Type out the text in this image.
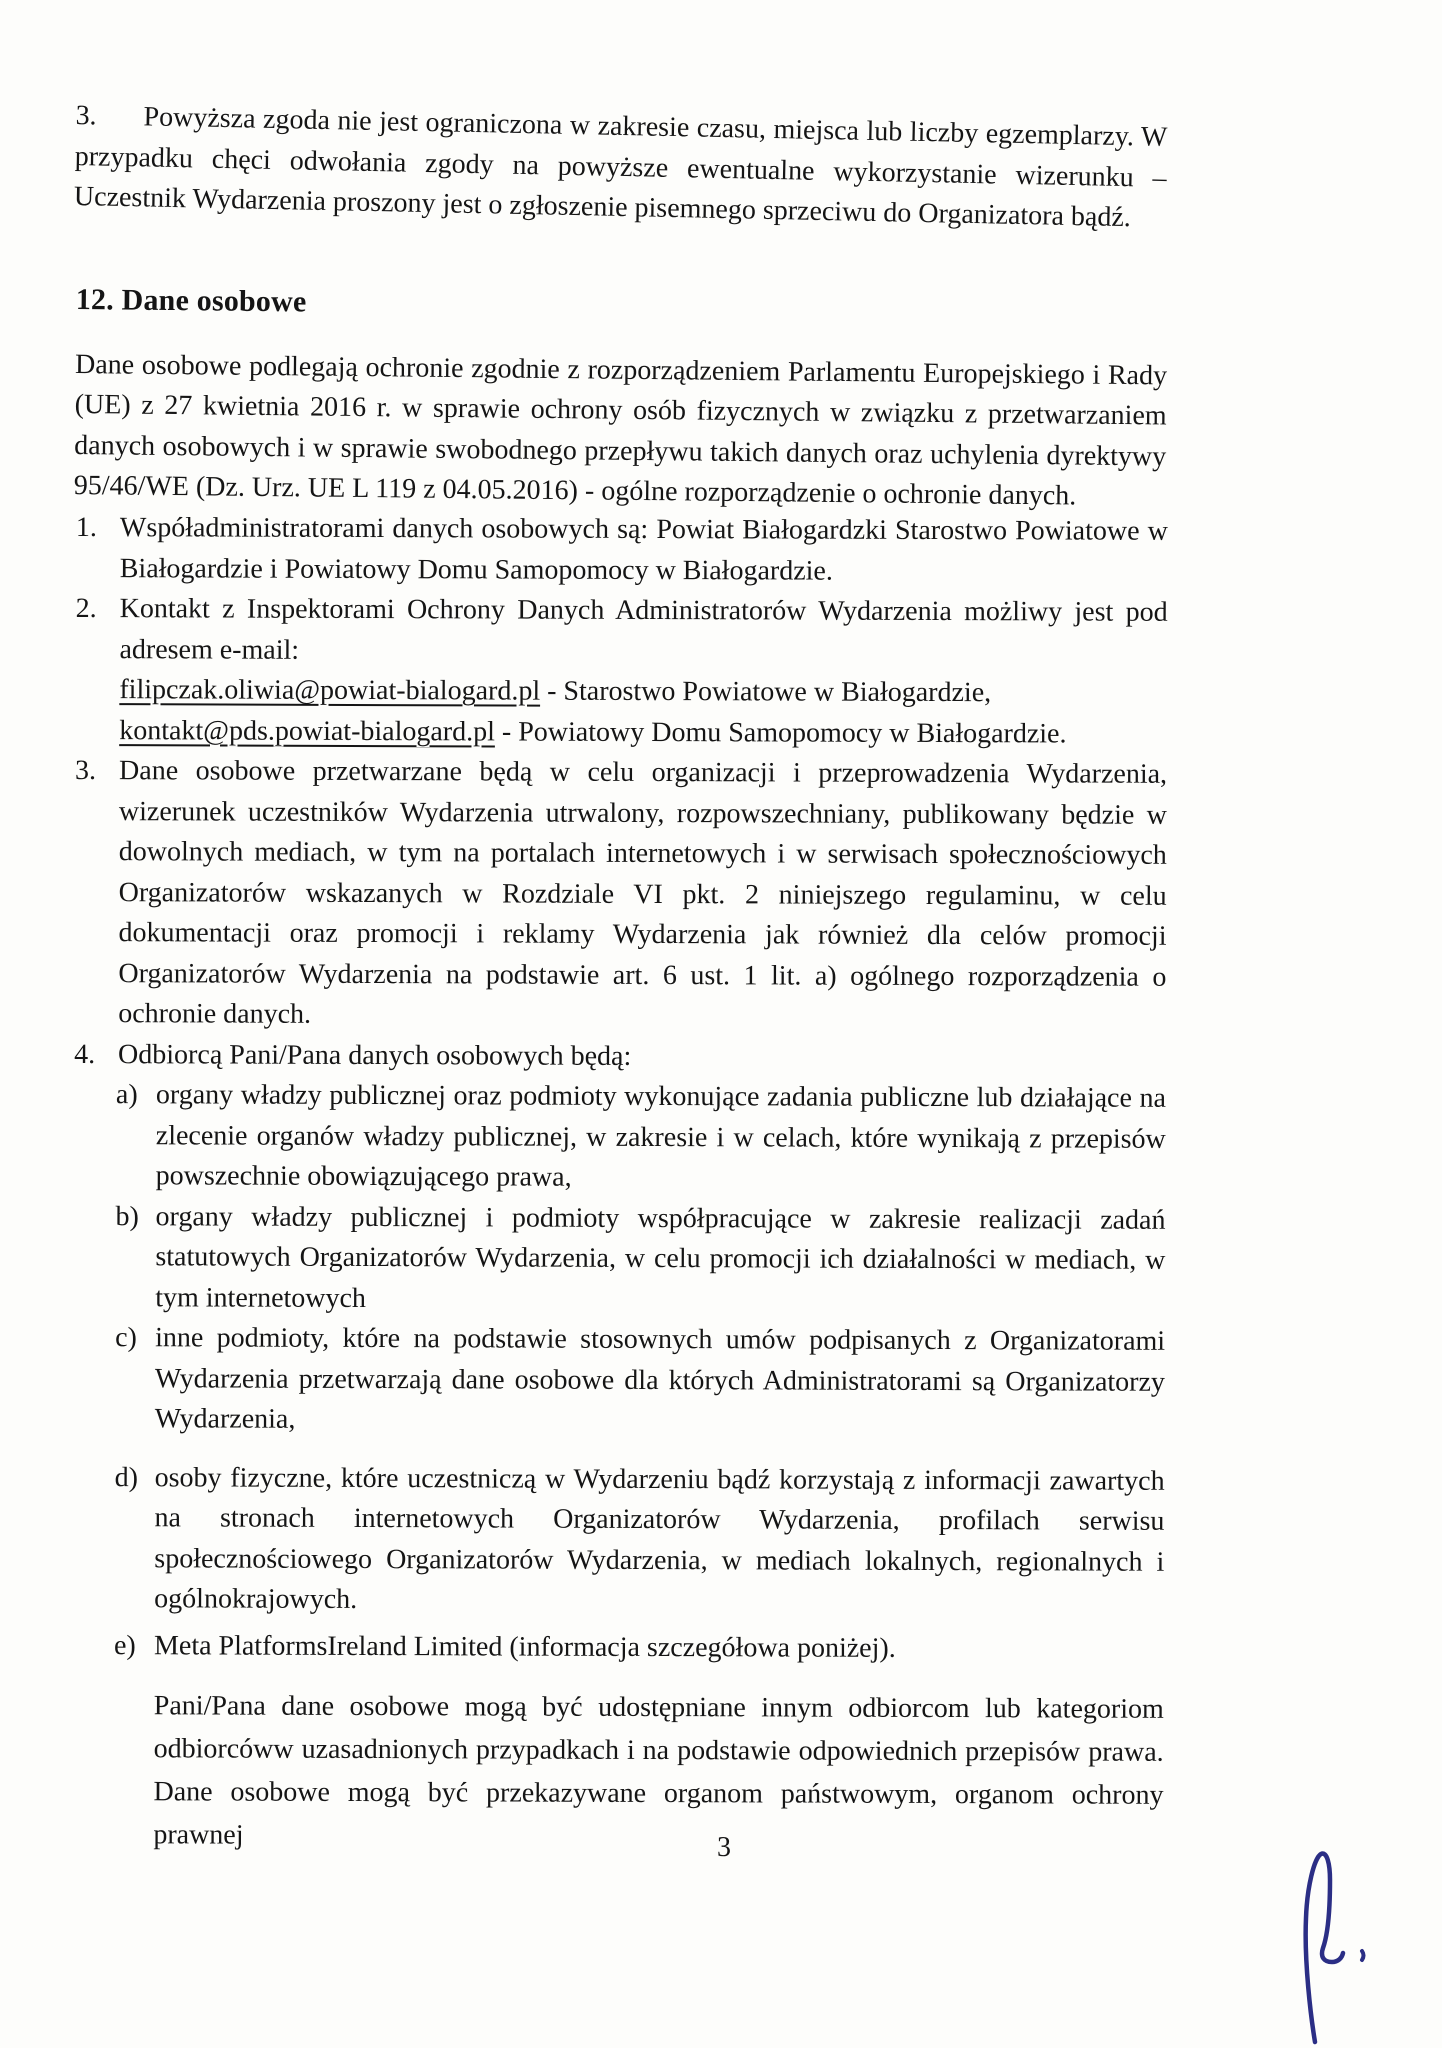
3. Powyższa zgoda nie jest ograniczona w zakresie czasu, miejsca lub liczby egzemplarzy. W przypadku chęci odwołania zgody na powyższe ewentualne wykorzystanie wizerunku – Uczestnik Wydarzenia proszony jest o zgłoszenie pisemnego sprzeciwu do Organizatora bądź.

12. Dane osobowe

Dane osobowe podlegają ochronie zgodnie z rozporządzeniem Parlamentu Europejskiego i Rady (UE) z 27 kwietnia 2016 r. w sprawie ochrony osób fizycznych w związku z przetwarzaniem danych osobowych i w sprawie swobodnego przepływu takich danych oraz uchylenia dyrektywy 95/46/WE (Dz. Urz. UE L 119 z 04.05.2016) - ogólne rozporządzenie o ochronie danych.

1. Współadministratorami danych osobowych są: Powiat Białogardzki Starostwo Powiatowe w Białogardzie i Powiatowy Domu Samopomocy w Białogardzie.
2. Kontakt z Inspektorami Ochrony Danych Administratorów Wydarzenia możliwy jest pod adresem e-mail:

filipczak.oliwia@powiat-bialogard.pl - Starostwo Powiatowe w Białogardzie,

kontakt@pds.powiat-bialogard.pl - Powiatowy Domu Samopomocy w Białogardzie.

3. Dane osobowe przetwarzane będą w celu organizacji i przeprowadzenia Wydarzenia, wizerunek uczestników Wydarzenia utrwalony, rozpowszechniany, publikowany będzie w dowolnych mediach, w tym na portalach internetowych i w serwisach społecznościowych Organizatorów wskazanych w Rozdziale VI pkt. 2 niniejszego regulaminu, w celu dokumentacji oraz promocji i reklamy Wydarzenia jak również dla celów promocji Organizatorów Wydarzenia na podstawie art. 6 ust. 1 lit. a) ogólnego rozporządzenia o ochronie danych.
4. Odbiorcą Pani/Pana danych osobowych będą:
a) organy władzy publicznej oraz podmioty wykonujące zadania publiczne lub działające na zlecenie organów władzy publicznej, w zakresie i w celach, które wynikają z przepisów powszechnie obowiązującego prawa,
b) organy władzy publicznej i podmioty współpracujące w zakresie realizacji zadań statutowych Organizatorów Wydarzenia, w celu promocji ich działalności w mediach, w tym internetowych
c) inne podmioty, które na podstawie stosownych umów podpisanych z Organizatorami Wydarzenia przetwarzają dane osobowe dla których Administratorami są Organizatorzy Wydarzenia,
d) osoby fizyczne, które uczestniczą w Wydarzeniu bądź korzystają z informacji zawartych na stronach internetowych Organizatorów Wydarzenia, profilach serwisu społecznościowego Organizatorów Wydarzenia, w mediach lokalnych, regionalnych i ogólnokrajowych.
e) Meta PlatformsIreland Limited (informacja szczegółowa poniżej).

Pani/Pana dane osobowe mogą być udostępniane innym odbiorcom lub kategoriom odbiorcóww uzasadnionych przypadkach i na podstawie odpowiednich przepisów prawa. Dane osobowe mogą być przekazywane organom państwowym, organom ochrony prawnej	3
